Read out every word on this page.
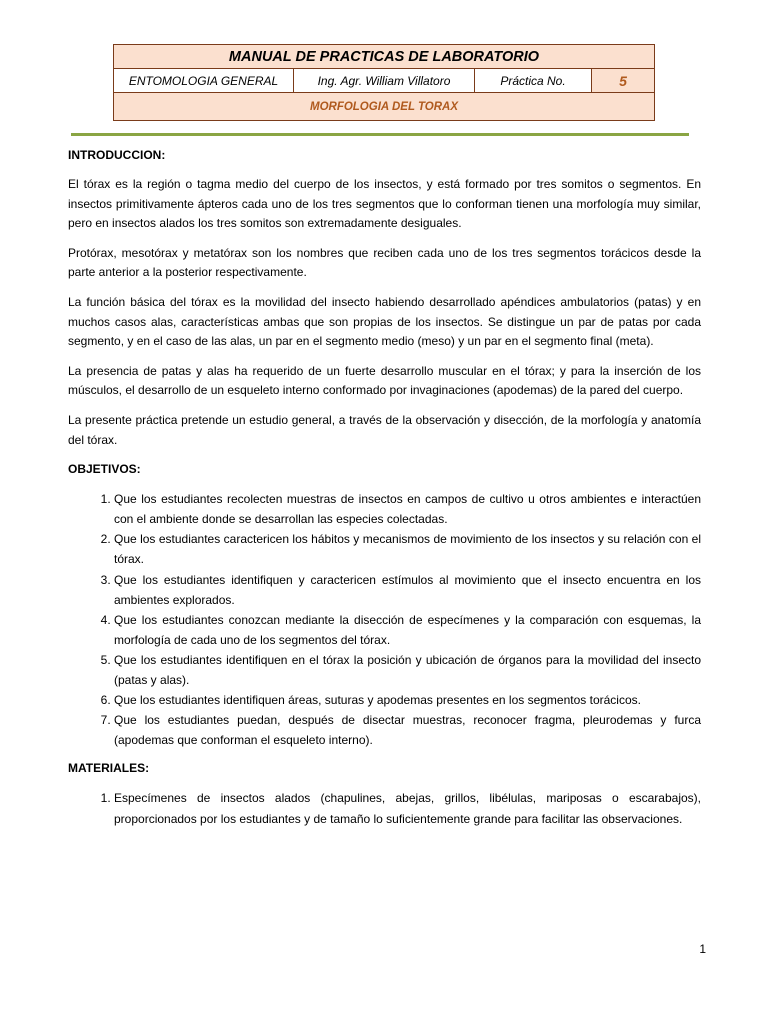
MANUAL DE PRACTICAS DE LABORATORIO
ENTOMOLOGIA GENERAL	Ing. Agr. William Villatoro	Práctica No.	5
MORFOLOGIA DEL TORAX
INTRODUCCION:

El tórax es la región o tagma medio del cuerpo de los insectos, y está formado por tres somitos o segmentos. En insectos primitivamente ápteros cada uno de los tres segmentos que lo conforman tienen una morfología muy similar, pero en insectos alados los tres somitos son extremadamente desiguales.

Protórax, mesotórax y metatórax son los nombres que reciben cada uno de los tres segmentos torácicos desde la parte anterior a la posterior respectivamente.

La función básica del tórax es la movilidad del insecto habiendo desarrollado apéndices ambulatorios (patas) y en muchos casos alas, características ambas que son propias de los insectos. Se distingue un par de patas por cada segmento, y en el caso de las alas, un par en el segmento medio (meso) y un par en el segmento final (meta).

La presencia de patas y alas ha requerido de un fuerte desarrollo muscular en el tórax; y para la inserción de los músculos, el desarrollo de un esqueleto interno conformado por invaginaciones (apodemas) de la pared del cuerpo.

La presente práctica pretende un estudio general, a través de la observación y disección, de la morfología y anatomía del tórax.

OBJETIVOS:
1. Que los estudiantes recolecten muestras de insectos en campos de cultivo u otros ambientes e interactúen con el ambiente donde se desarrollan las especies colectadas.
2. Que los estudiantes caractericen los hábitos y mecanismos de movimiento de los insectos y su relación con el tórax.
3. Que los estudiantes identifiquen y caractericen estímulos al movimiento que el insecto encuentra en los ambientes explorados.
4. Que los estudiantes conozcan mediante la disección de especímenes y la comparación con esquemas, la morfología de cada uno de los segmentos del tórax.
5. Que los estudiantes identifiquen en el tórax la posición y ubicación de órganos para la movilidad del insecto (patas y alas).
6. Que los estudiantes identifiquen áreas, suturas y apodemas presentes en los segmentos torácicos.
7. Que los estudiantes puedan, después de disectar muestras, reconocer fragma, pleurodemas y furca (apodemas que conforman el esqueleto interno).
MATERIALES:
1. Especímenes de insectos alados (chapulines, abejas, grillos, libélulas, mariposas o escarabajos), proporcionados por los estudiantes y de tamaño lo suficientemente grande para facilitar las observaciones.
1
